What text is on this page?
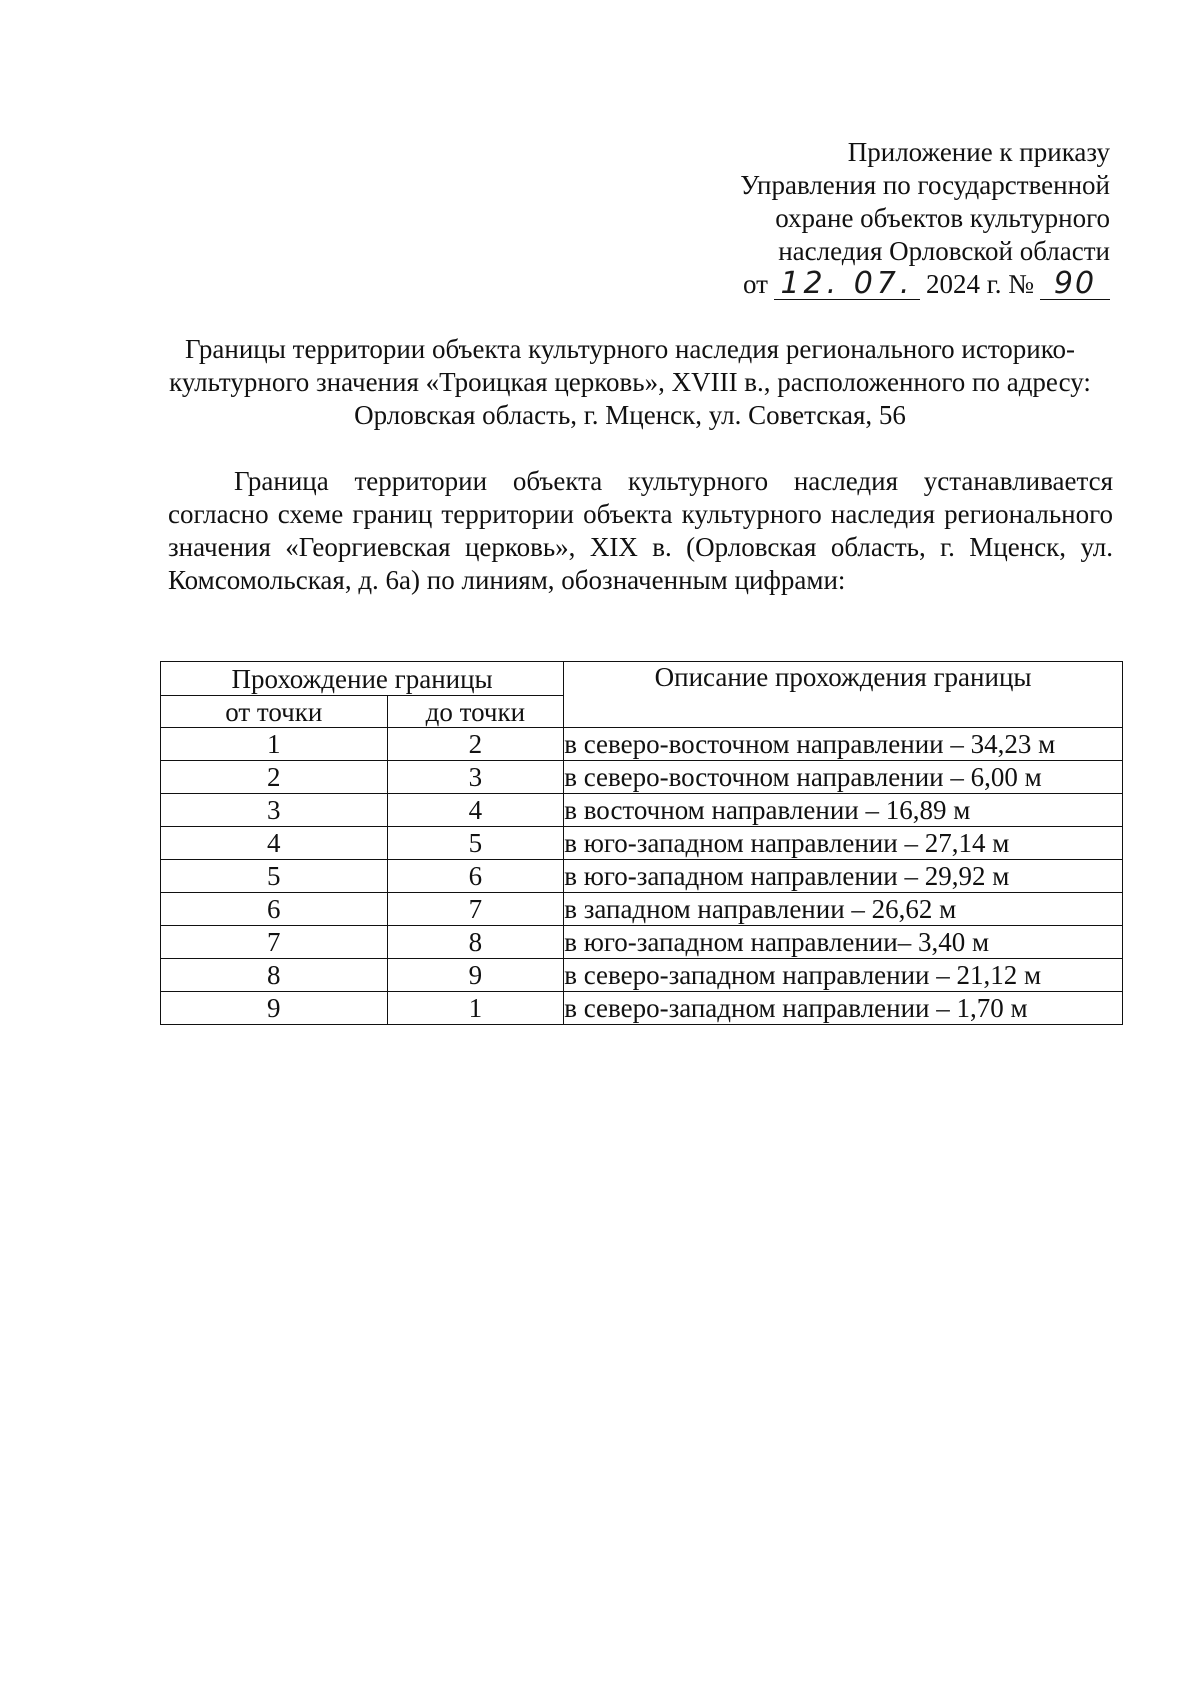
Приложение к приказу
Управления по государственной
охране объектов культурного
наследия Орловской области
от 12. 07. 2024 г. № 90
Границы территории объекта культурного наследия регионального историко-
культурного значения «Троицкая церковь», XVIII в., расположенного по адресу:
Орловская область, г. Мценск, ул. Советская, 56
Граница территории объекта культурного наследия устанавливается согласно схеме границ территории объекта культурного наследия регионального значения «Георгиевская церковь», XIX в. (Орловская область, г. Мценск, ул. Комсомольская, д. 6а) по линиям, обозначенным цифрами:
Прохождение границы		Описание прохождения границы
от точки	до точки	
1	2	в северо-восточном направлении – 34,23 м
2	3	в северо-восточном направлении – 6,00 м
3	4	в восточном направлении – 16,89 м
4	5	в юго-западном направлении – 27,14 м
5	6	в юго-западном направлении – 29,92 м
6	7	в западном направлении – 26,62 м
7	8	в юго-западном направлении– 3,40 м
8	9	в северо-западном направлении – 21,12 м
9	1	в северо-западном направлении – 1,70 м
